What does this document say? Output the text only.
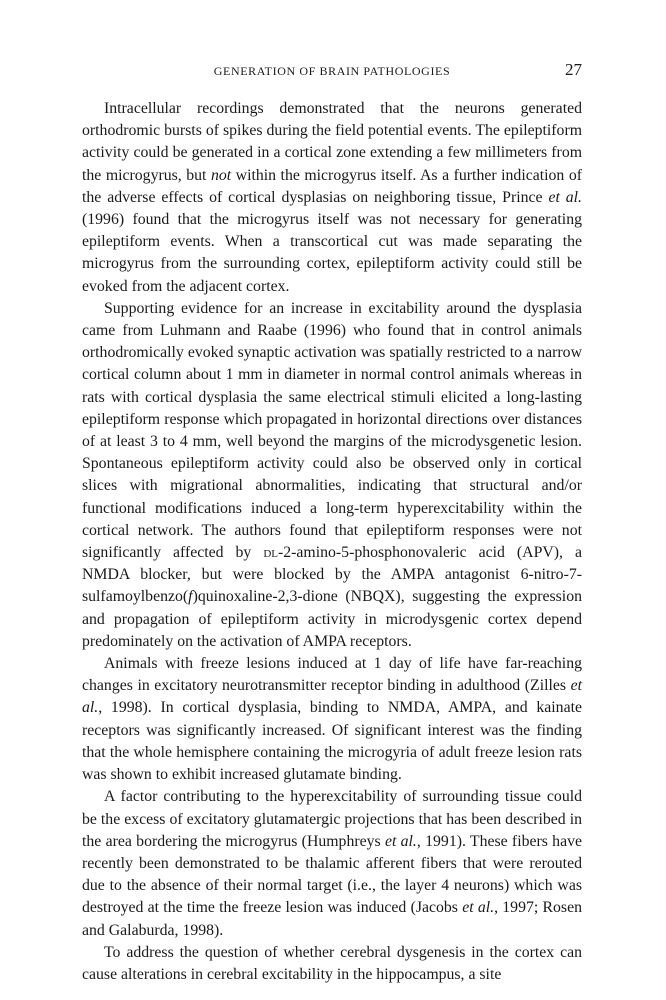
GENERATION OF BRAIN PATHOLOGIES	27

Intracellular recordings demonstrated that the neurons generated orthodromic bursts of spikes during the field potential events. The epileptiform activity could be generated in a cortical zone extending a few millimeters from the microgyrus, but not within the microgyrus itself. As a further indication of the adverse effects of cortical dysplasias on neighboring tissue, Prince et al. (1996) found that the microgyrus itself was not necessary for generating epileptiform events. When a transcortical cut was made separating the microgyrus from the surrounding cortex, epileptiform activity could still be evoked from the adjacent cortex.

Supporting evidence for an increase in excitability around the dysplasia came from Luhmann and Raabe (1996) who found that in control animals orthodromically evoked synaptic activation was spatially restricted to a narrow cortical column about 1 mm in diameter in normal control animals whereas in rats with cortical dysplasia the same electrical stimuli elicited a long-lasting epileptiform response which propagated in horizontal directions over distances of at least 3 to 4 mm, well beyond the margins of the microdysgenetic lesion. Spontaneous epileptiform activity could also be observed only in cortical slices with migrational abnormalities, indicating that structural and/or functional modifications induced a long-term hyperexcitability within the cortical network. The authors found that epileptiform responses were not significantly affected by dl-2-amino-5-phosphonovaleric acid (APV), a NMDA blocker, but were blocked by the AMPA antagonist 6-nitro-7-sulfamoylbenzo(f)quinoxaline-2,3-dione (NBQX), suggesting the expression and propagation of epileptiform activity in microdysgenic cortex depend predominately on the activation of AMPA receptors.

Animals with freeze lesions induced at 1 day of life have far-reaching changes in excitatory neurotransmitter receptor binding in adulthood (Zilles et al., 1998). In cortical dysplasia, binding to NMDA, AMPA, and kainate receptors was significantly increased. Of significant interest was the finding that the whole hemisphere containing the microgyria of adult freeze lesion rats was shown to exhibit increased glutamate binding.

A factor contributing to the hyperexcitability of surrounding tissue could be the excess of excitatory glutamatergic projections that has been described in the area bordering the microgyrus (Humphreys et al., 1991). These fibers have recently been demonstrated to be thalamic afferent fibers that were rerouted due to the absence of their normal target (i.e., the layer 4 neurons) which was destroyed at the time the freeze lesion was induced (Jacobs et al., 1997; Rosen and Galaburda, 1998).

To address the question of whether cerebral dysgenesis in the cortex can cause alterations in cerebral excitability in the hippocampus, a site
